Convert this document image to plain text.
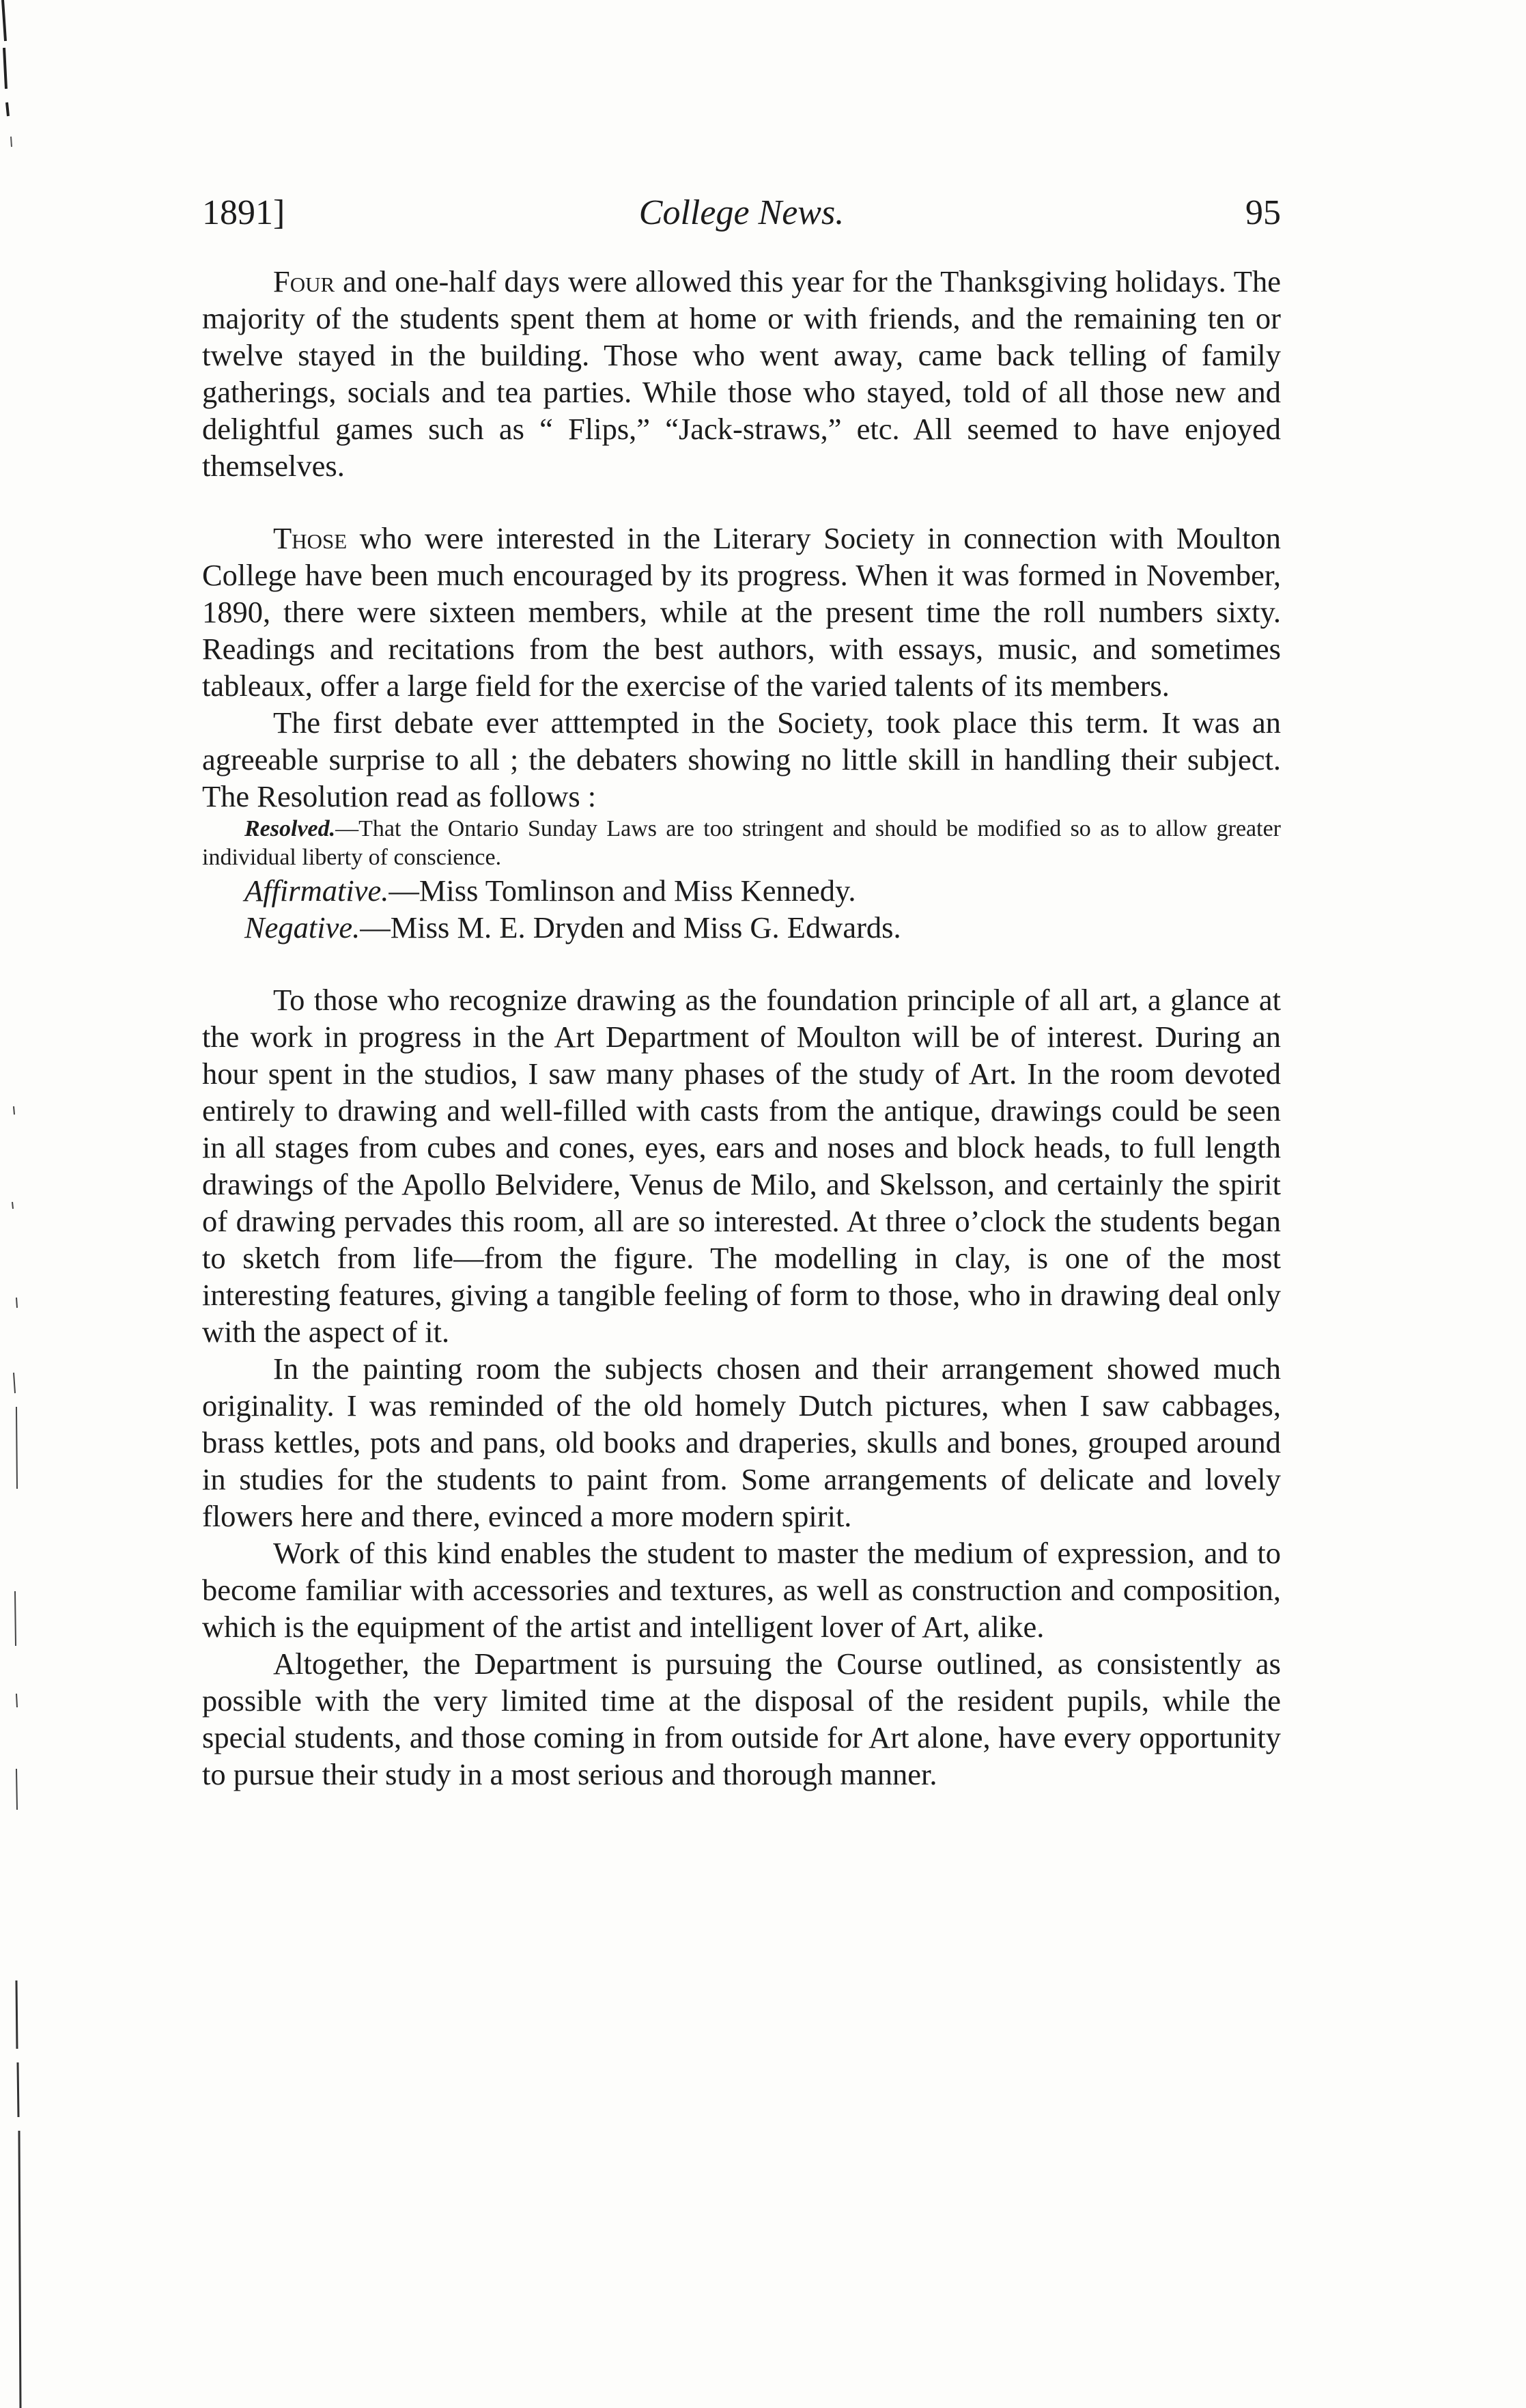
1891]	College News.	95

Four and one-half days were allowed this year for the Thanksgiving holidays. The majority of the students spent them at home or with friends, and the remaining ten or twelve stayed in the building. Those who went away, came back telling of family gatherings, socials and tea parties. While those who stayed, told of all those new and delightful games such as “ Flips,” “Jack-straws,” etc. All seemed to have enjoyed themselves.

Those who were interested in the Literary Society in connection with Moulton College have been much encouraged by its progress. When it was formed in November, 1890, there were sixteen members, while at the present time the roll numbers sixty. Readings and recitations from the best authors, with essays, music, and sometimes tableaux, offer a large field for the exercise of the varied talents of its members.

The first debate ever atttempted in the Society, took place this term. It was an agreeable surprise to all ; the debaters showing no little skill in handling their subject. The Resolution read as follows :

Resolved.—That the Ontario Sunday Laws are too stringent and should be modified so as to allow greater individual liberty of conscience.

Affirmative.—Miss Tomlinson and Miss Kennedy.

Negative.—Miss M. E. Dryden and Miss G. Edwards.

To those who recognize drawing as the foundation principle of all art, a glance at the work in progress in the Art Department of Moulton will be of interest. During an hour spent in the studios, I saw many phases of the study of Art. In the room devoted entirely to drawing and well-filled with casts from the antique, drawings could be seen in all stages from cubes and cones, eyes, ears and noses and block heads, to full length drawings of the Apollo Belvidere, Venus de Milo, and Skelsson, and certainly the spirit of drawing pervades this room, all are so interested. At three o’clock the students began to sketch from life—from the figure. The modelling in clay, is one of the most interesting features, giving a tangible feeling of form to those, who in drawing deal only with the aspect of it.

In the painting room the subjects chosen and their arrangement showed much originality. I was reminded of the old homely Dutch pictures, when I saw cabbages, brass kettles, pots and pans, old books and draperies, skulls and bones, grouped around in studies for the students to paint from. Some arrangements of delicate and lovely flowers here and there, evinced a more modern spirit.

Work of this kind enables the student to master the medium of expression, and to become familiar with accessories and textures, as well as construction and composition, which is the equipment of the artist and intelligent lover of Art, alike.

Altogether, the Department is pursuing the Course outlined, as consistently as possible with the very limited time at the disposal of the resident pupils, while the special students, and those coming in from outside for Art alone, have every opportunity to pursue their study in a most serious and thorough manner.
